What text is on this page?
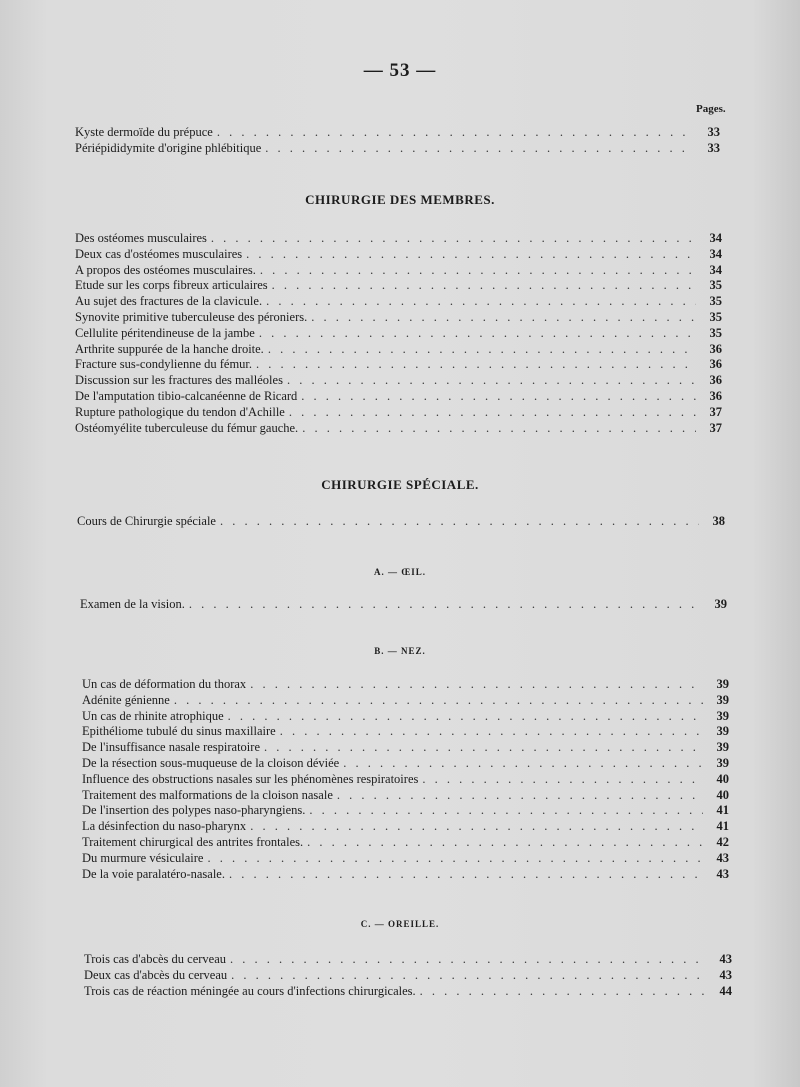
— 53 —
Pages.
Kyste dermoïde du prépuce . . .	33
Périépididymite d'origine phlébitique . . .	33
CHIRURGIE DES MEMBRES.
Des ostéomes musculaires . . .	34
Deux cas d'ostéomes musculaires . . .	34
A propos des ostéomes musculaires. . . .	34
Etude sur les corps fibreux articulaires . . .	35
Au sujet des fractures de la clavicule. . . .	35
Synovite primitive tuberculeuse des péroniers. . . .	35
Cellulite péritendineuse de la jambe . . .	35
Arthrite suppurée de la hanche droite. . . .	36
Fracture sus-condylienne du fémur. . . .	36
Discussion sur les fractures des malléoles . . .	36
De l'amputation tibio-calcanéenne de Ricard . . .	36
Rupture pathologique du tendon d'Achille . . .	37
Ostéomyélite tuberculeuse du fémur gauche. . . .	37
CHIRURGIE SPÉCIALE.
Cours de Chirurgie spéciale . . .	38
A. — ŒIL.
Examen de la vision. . . .	39
B. — NEZ.
Un cas de déformation du thorax . . .	39
Adénite génienne . . .	39
Un cas de rhinite atrophique . . .	39
Epithéliome tubulé du sinus maxillaire . . .	39
De l'insuffisance nasale respiratoire . . .	39
De la résection sous-muqueuse de la cloison déviée . . .	39
Influence des obstructions nasales sur les phénomènes respiratoires . . .	40
Traitement des malformations de la cloison nasale . . .	40
De l'insertion des polypes naso-pharyngiens. . . .	41
La désinfection du naso-pharynx . . .	41
Traitement chirurgical des antrites frontales. . . .	42
Du murmure vésiculaire . . .	43
De la voie paralatéro-nasale. . . .	43
C. — OREILLE.
Trois cas d'abcès du cerveau . . .	43
Deux cas d'abcès du cerveau . . .	43
Trois cas de réaction méningée au cours d'infections chirurgicales. . . .	44
